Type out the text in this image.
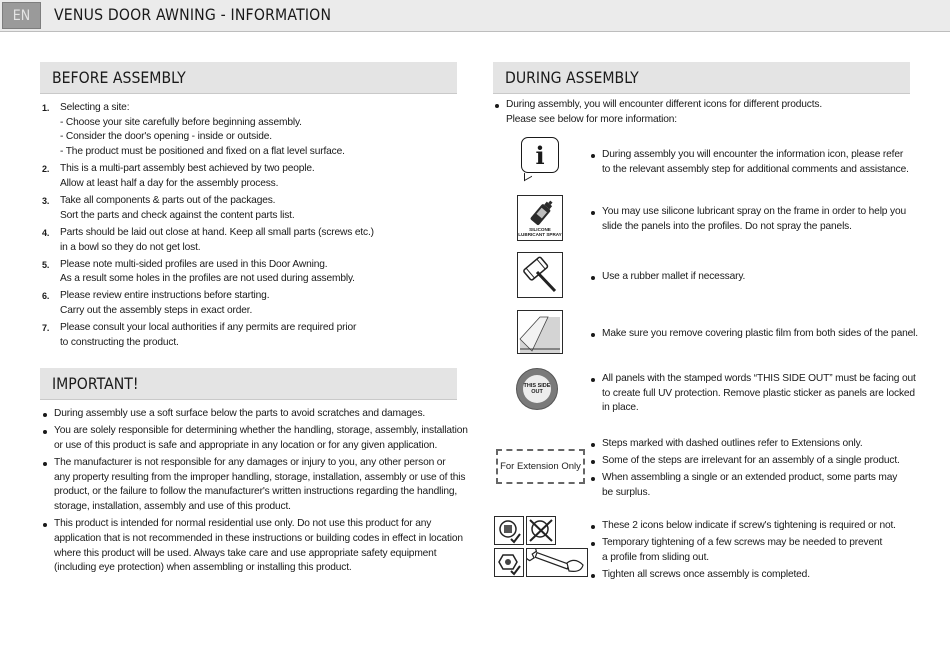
EN	VENUS DOOR AWNING - INFORMATION
BEFORE ASSEMBLY
1. Selecting a site:
- Choose your site carefully before beginning assembly.
- Consider the door's opening - inside or outside.
- The product must be positioned and fixed on a flat level surface.
2. This is a multi-part assembly best achieved by two people.
Allow at least half a day for the assembly process.
3. Take all components & parts out of the packages.
Sort the parts and check against the content parts list.
4. Parts should be laid out close at hand. Keep all small parts (screws etc.)
in a bowl so they do not get lost.
5. Please note multi-sided profiles are used in this Door Awning.
As a result some holes in the profiles are not used during assembly.
6. Please review entire instructions before starting.
Carry out the assembly steps in exact order.
7. Please consult your local authorities if any permits are required prior
to constructing the product.
IMPORTANT!
During assembly use a soft surface below the parts to avoid scratches and damages.
You are solely responsible for determining whether the handling, storage, assembly, installation
or use of this product is safe and appropriate in any location or for any given application.
The manufacturer is not responsible for any damages or injury to you, any other person or
any property resulting from the improper handling, storage, installation, assembly or use of this
product, or the failure to follow the manufacturer's written instructions regarding the handling,
storage, installation, assembly and use of this product.
This product is intended for normal residential use only. Do not use this product for any
application that is not recommended in these instructions or building codes in effect in location
where this product will be used. Always take care and use appropriate safety equipment
(including eye protection) when assembling or installing this product.
DURING ASSEMBLY
During assembly, you will encounter different icons for different products.
Please see below for more information:
i	During assembly you will encounter the information icon, please refer
to the relevant assembly step for additional comments and assistance.
SILICONE
LUBRICANT SPRAY
You may use silicone lubricant spray on the frame in order to help you
slide the panels into the profiles. Do not spray the panels.
Use a rubber mallet if necessary.
Make sure you remove covering plastic film from both sides of the panel.
THIS SIDE
OUT
All panels with the stamped words “THIS SIDE OUT” must be facing out
to create full UV protection. Remove plastic sticker as panels are locked
in place.
For Extension Only
Steps marked with dashed outlines refer to Extensions only.
Some of the steps are irrelevant for an assembly of a single product.
When assembling a single or an extended product, some parts may
be surplus.
These 2 icons below indicate if screw's tightening is required or not.
Temporary tightening of a few screws may be needed to prevent
a profile from sliding out.
Tighten all screws once assembly is completed.
